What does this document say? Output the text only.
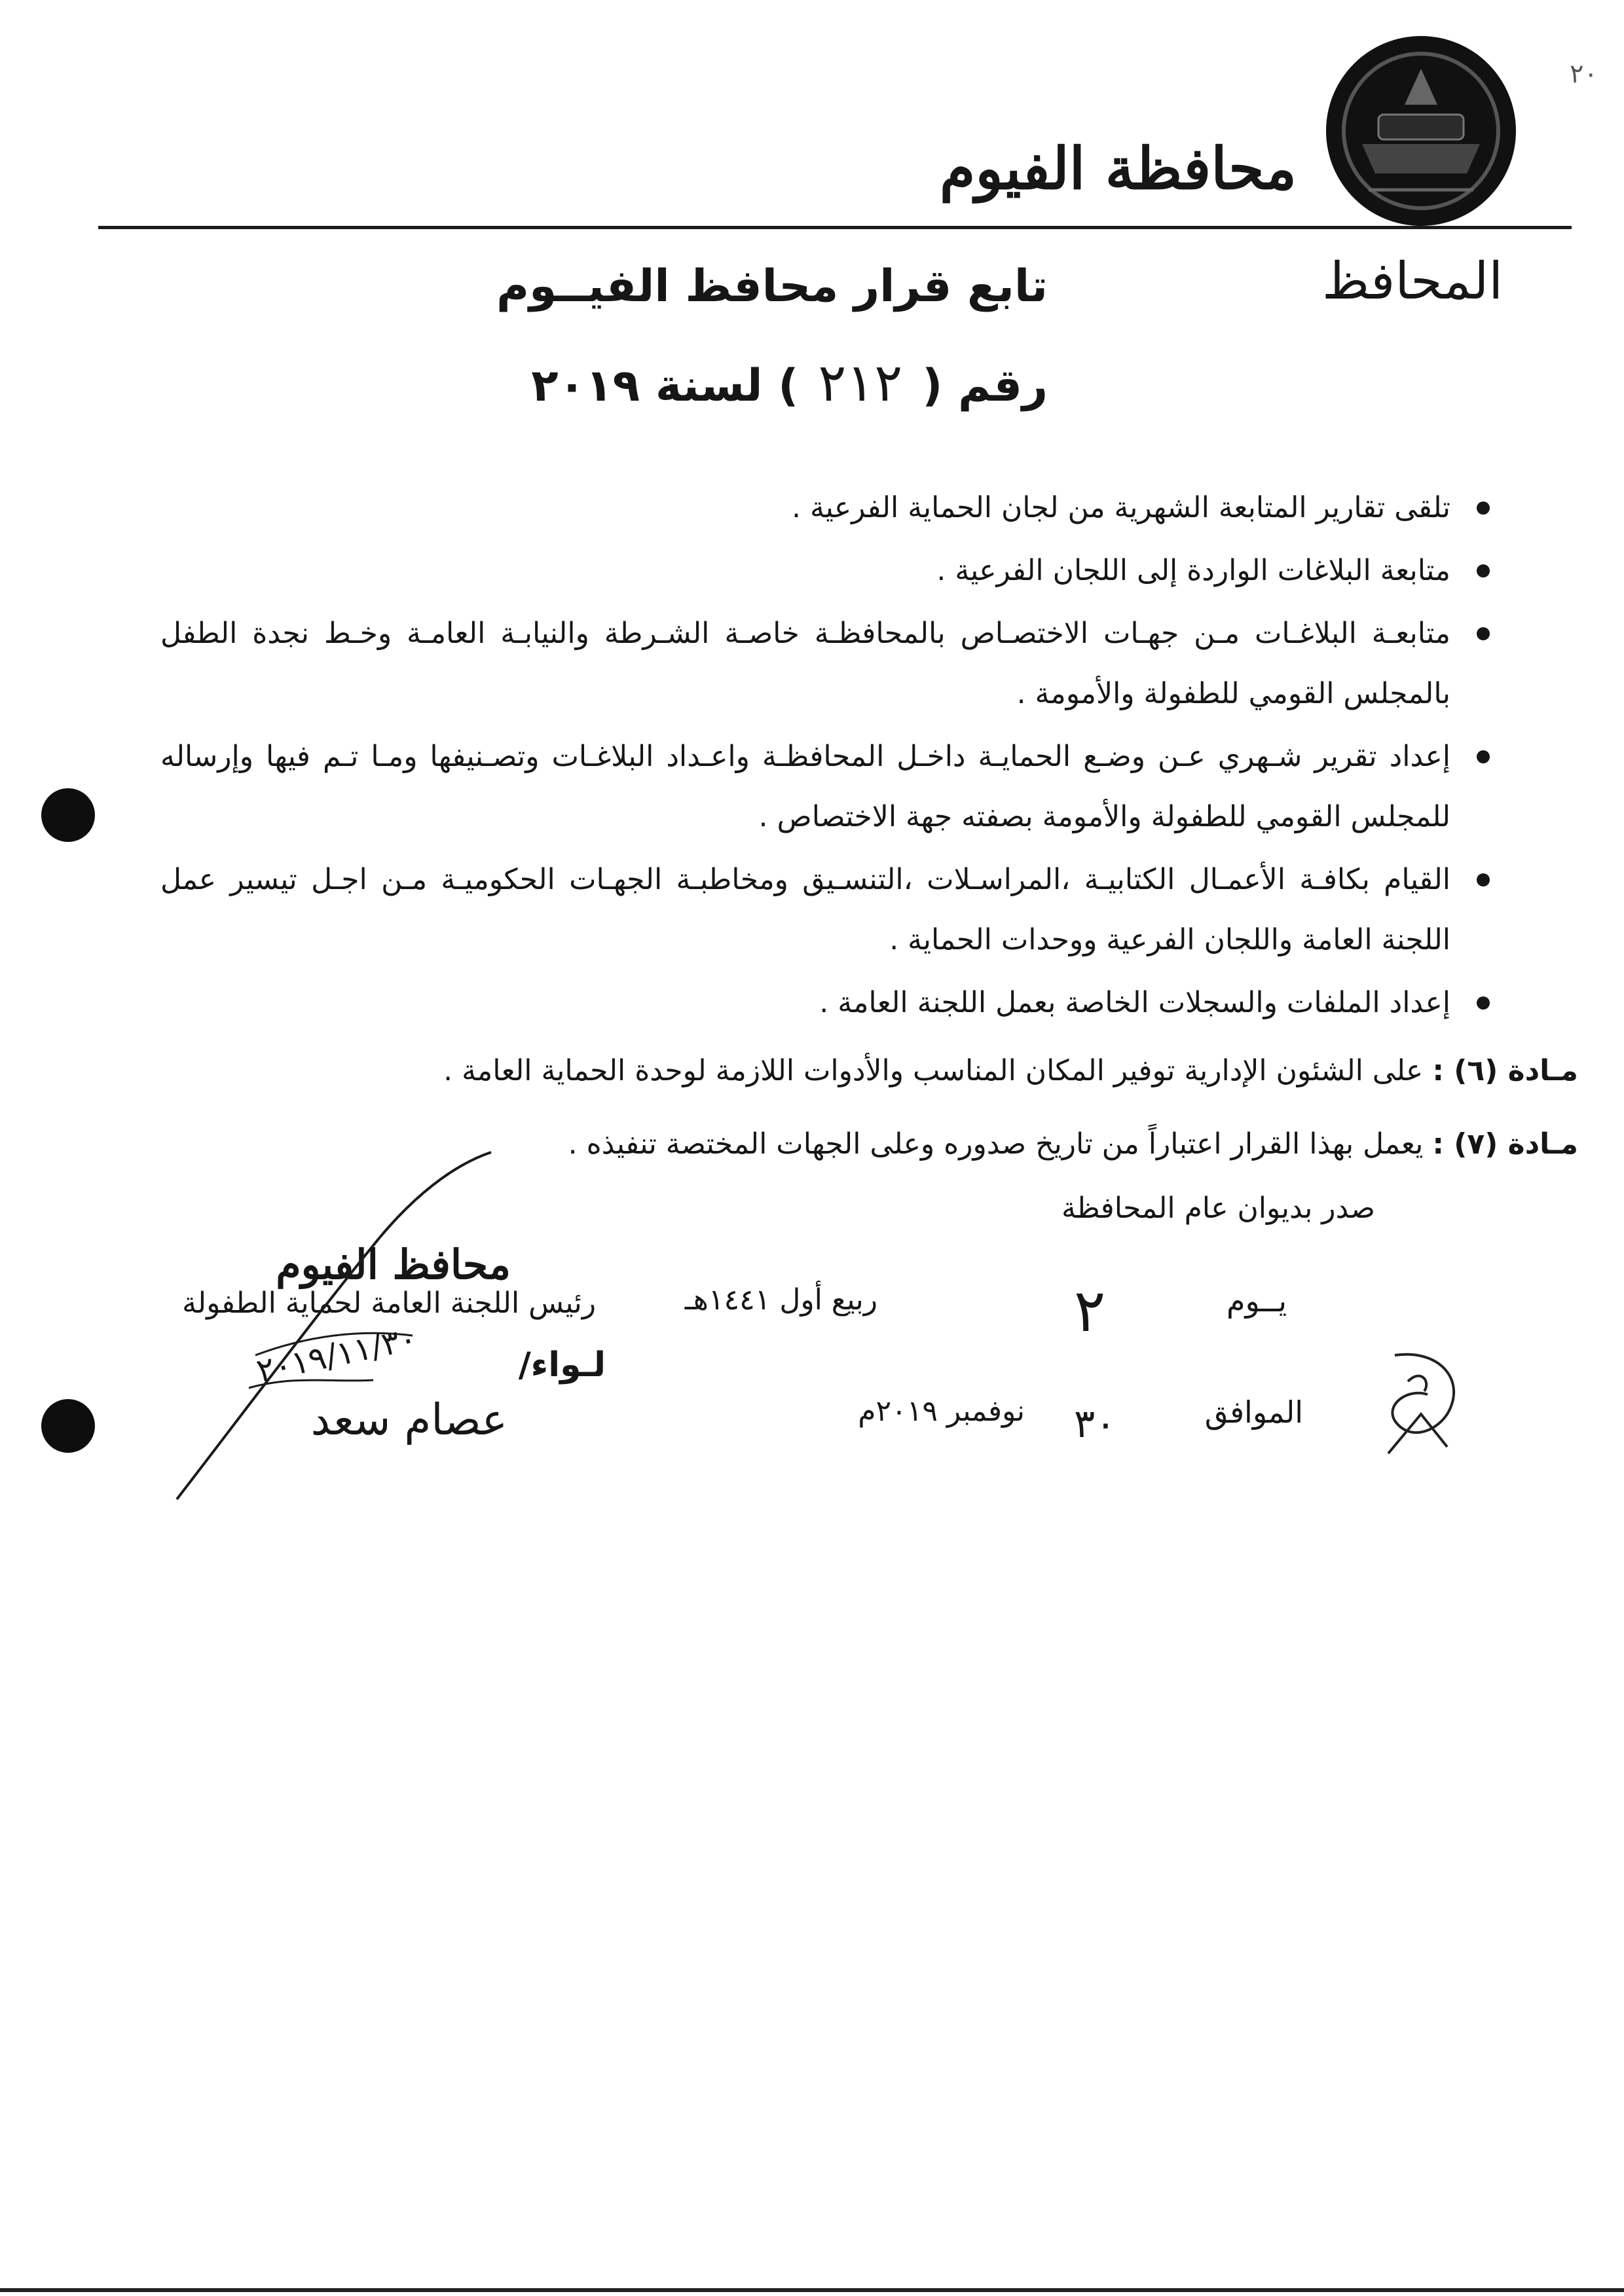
٢٠
محافظة الفيوم
المحافظ
تابع قرار محافظ الفيــوم
رقم (٢١٢) لسنة ٢٠١٩
تلقى تقارير المتابعة الشهرية من لجان الحماية الفرعية .
متابعة البلاغات الواردة إلى اللجان الفرعية .
متابعـة البلاغـات مـن جهـات الاختصـاص بالمحافظـة خاصـة الشـرطة والنيابـة العامـة وخـط نجدة الطفل بالمجلس القومي للطفولة والأمومة .
إعداد تقرير شـهري عـن وضـع الحمايـة داخـل المحافظـة واعـداد البلاغـات وتصـنيفها ومـا تـم فيها وإرساله للمجلس القومي للطفولة والأمومة بصفته جهة الاختصاص .
القيام بكافـة الأعمـال الكتابيـة ،المراسـلات ،التنسـيق ومخاطبـة الجهـات الحكوميـة مـن اجـل تيسير عمل اللجنة العامة واللجان الفرعية ووحدات الحماية .
إعداد الملفات والسجلات الخاصة بعمل اللجنة العامة .
مـادة (٦) : على الشئون الإدارية توفير المكان المناسب والأدوات اللازمة لوحدة الحماية العامة .
مـادة (٧) : يعمل بهذا القرار اعتباراً من تاريخ صدوره وعلى الجهات المختصة تنفيذه .
صدر بديوان عام المحافظة
يــوم
٢
ربيع أول ١٤٤١هـ
الموافق
٣٠
نوفمبر ٢٠١٩م
محافظ الفيوم
رئيس اللجنة العامة لحماية الطفولة
لـواء/
عصام سعد
٢٠١٩/١١/٣٠
